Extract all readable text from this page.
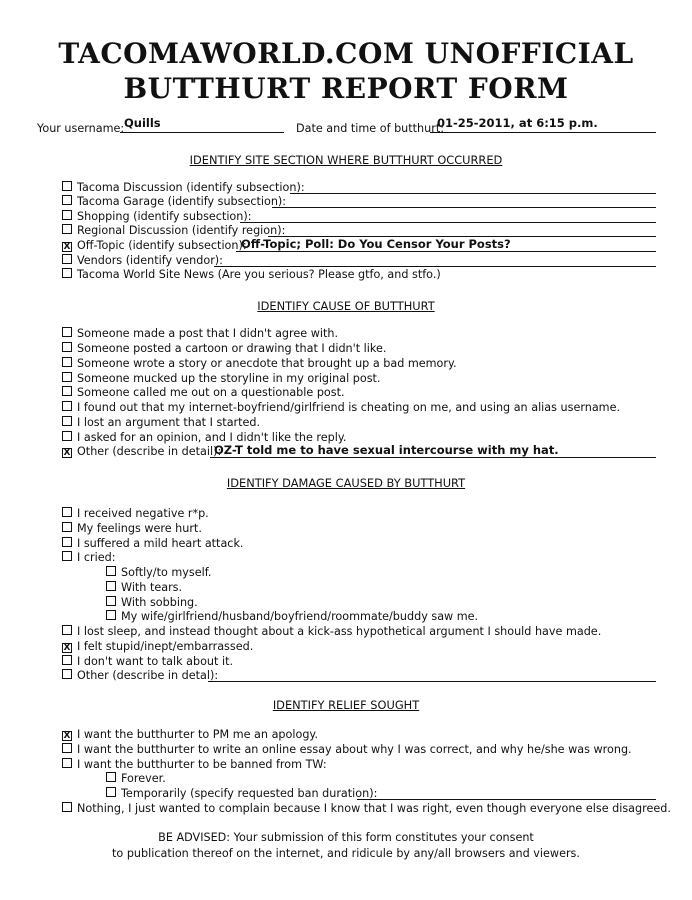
TACOMAWORLD.COM UNOFFICIAL
BUTTHURT REPORT FORM
Your username: Quills	Date and time of butthurt:
01-25-2011, at 6:15 p.m.
IDENTIFY SITE SECTION WHERE BUTTHURT OCCURRED
Tacoma Discussion (identify subsection):
Tacoma Garage (identify subsection):
Shopping (identify subsection):
Regional Discussion (identify region):
X Off-Topic (identify subsection):
Off-Topic; Poll: Do You Censor Your Posts?
Vendors (identify vendor):
Tacoma World Site News (Are you serious? Please gtfo, and stfo.)
IDENTIFY CAUSE OF BUTTHURT
Someone made a post that I didn't agree with.
Someone posted a cartoon or drawing that I didn't like.
Someone wrote a story or anecdote that brought up a bad memory.
Someone mucked up the storyline in my original post.
Someone called me out on a questionable post.
I found out that my internet-boyfriend/girlfriend is cheating on me, and using an alias username.
I lost an argument that I started.
I asked for an opinion, and I didn't like the reply.
X Other (describe in detail):
OZ-T told me to have sexual intercourse with my hat.
IDENTIFY DAMAGE CAUSED BY BUTTHURT
I received negative r*p.
My feelings were hurt.
I suffered a mild heart attack.
I cried:
Softly/to myself.
With tears.
With sobbing.
My wife/girlfriend/husband/boyfriend/roommate/buddy saw me.
I lost sleep, and instead thought about a kick-ass hypothetical argument I should have made.
X I felt stupid/inept/embarrassed.
I don't want to talk about it.
Other (describe in detal):
IDENTIFY RELIEF SOUGHT
X I want the butthurter to PM me an apology.
I want the butthurter to write an online essay about why I was correct, and why he/she was wrong.
I want the butthurter to be banned from TW:
Forever.
Temporarily (specify requested ban duration):
Nothing, I just wanted to complain because I know that I was right, even though everyone else disagreed.
BE ADVISED: Your submission of this form constitutes your consent
to publication thereof on the internet, and ridicule by any/all browsers and viewers.
